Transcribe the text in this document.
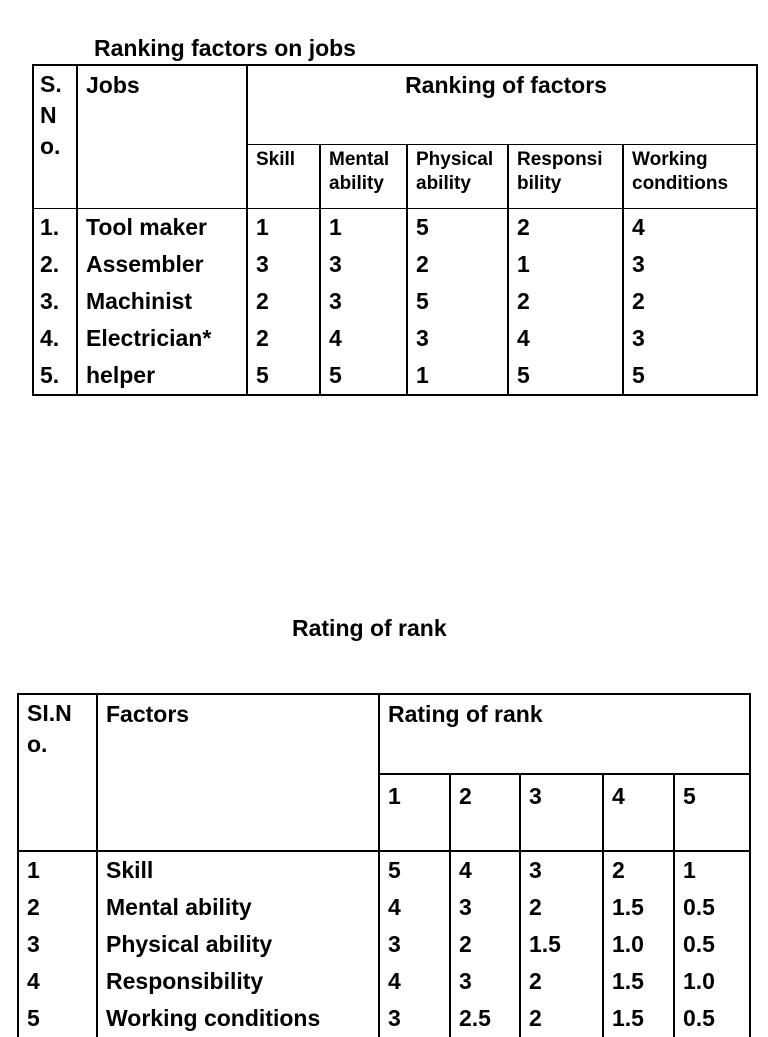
Ranking factors on jobs
S.
N
o.	Jobs	Ranking of factors				
		Skill	Mental ability	Physical ability	Responsi bility	Working conditions
1.	Tool maker	1	1	5	2	4
2.	Assembler	3	3	2	1	3
3.	Machinist	2	3	5	2	2
4.	Electrician*	2	4	3	4	3
5.	helper	5	5	1	5	5
Rating of rank
SI.N
o.	Factors	Rating of rank				
		1	2	3	4	5
1	Skill	5	4	3	2	1
2	Mental ability	4	3	2	1.5	0.5
3	Physical ability	3	2	1.5	1.0	0.5
4	Responsibility	4	3	2	1.5	1.0
5	Working conditions	3	2.5	2	1.5	0.5
